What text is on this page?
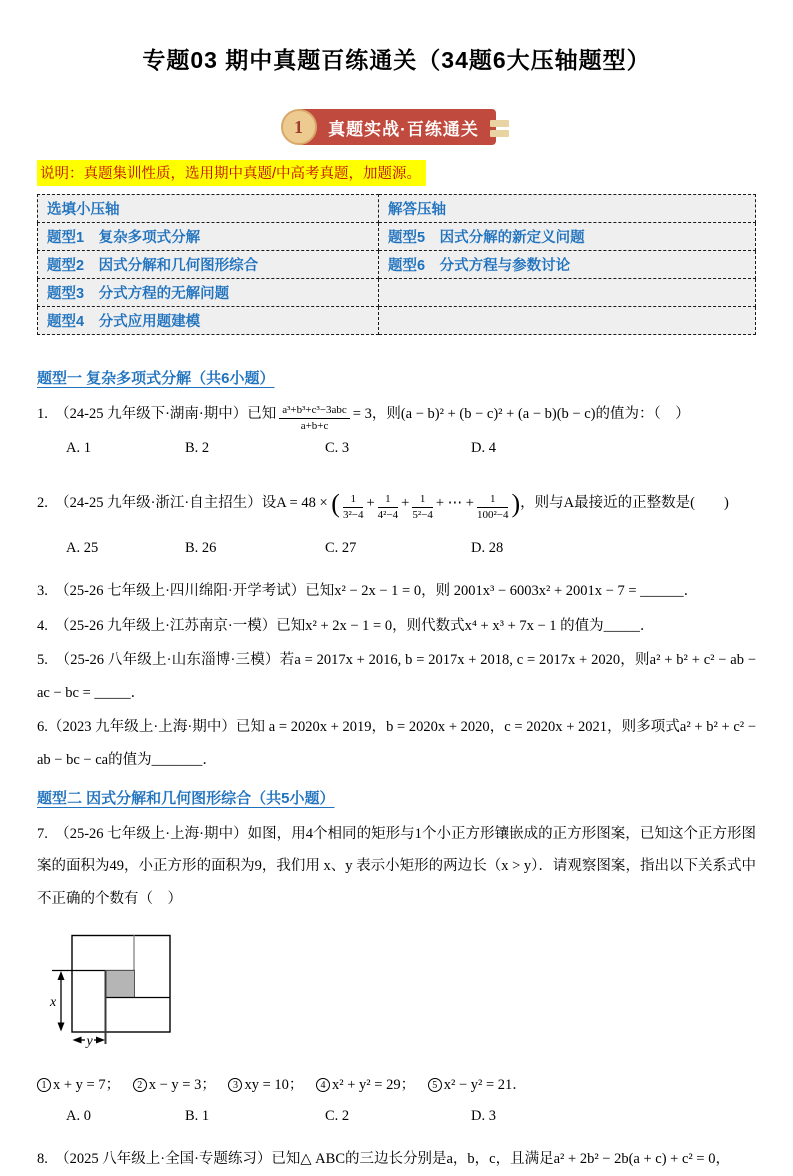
专题03 期中真题百练通关（34题6大压轴题型）
1	真题实战·百练通关
说明：真题集训性质，选用期中真题/中高考真题，加题源。
选填小压轴	解答压轴
题型1　复杂多项式分解	题型5　因式分解的新定义问题
题型2　因式分解和几何图形综合	题型6　分式方程与参数讨论
题型3　分式方程的无解问题	
题型4　分式应用题建模	
题型一 复杂多项式分解（共6小题）
1.　（24-25 九年级下·湖南·期中）已知 $\frac{\text{a³+b³+c³−3abc}}{a+b+c} = 3$，则(a − b)² + (b − c)² + (a − b)(b − c)的值为：（　）
A. 1	B. 2	C. 3	D. 4
2.　（24-25 九年级·浙江·自主招生）设A = 48 × ( $\frac{1}{\text{3²−4}} + \frac{1}{\text{4²−4}} + \frac{1}{\text{5²−4}}$ + ⋯ + $\frac{1}{\text{100²−4}}$ )，则与A最接近的正整数是(　　)
A. 25	B. 26	C. 27	D. 28
3.　（25-26 七年级上·四川绵阳·开学考试）已知x² − 2x − 1 = 0，则 2001x³ − 6003x² + 2001x − 7 = ______．
4.　（25-26 九年级上·江苏南京·一模）已知x² + 2x − 1 = 0，则代数式x⁴ + x³ + 7x − 1 的值为_____．
5.　（25-26 八年级上·山东淄博·三模）若a = 2017x + 2016, b = 2017x + 2018, c = 2017x + 2020，则a² + b² + c² − ab − ac − bc = _____．
6.（2023 九年级上·上海·期中）已知 a = 2020x + 2019，b = 2020x + 2020，c = 2020x + 2021，则多项式a² + b² + c² − ab − bc − ca的值为_______．
题型二 因式分解和几何图形综合（共5小题）
7.　（25-26 七年级上·上海·期中）如图，用4个相同的矩形与1个小正方形镶嵌成的正方形图案，已知这个正方形图案的面积为49，小正方形的面积为9，我们用 x、y 表示小矩形的两边长（x > y）．请观察图案，指出以下关系式中不正确的个数有（　）
x
y
1 x + y = 7； 2 x − y = 3； 3 xy = 10； 4 x² + y² = 29； 5 x² − y² = 21．
A. 0	B. 1	C. 2	D. 3
8.　（2025 八年级上·全国·专题练习）已知△ ABC的三边长分别是a，b，c，且满足a² + 2b² − 2b(a + c) + c² = 0，
